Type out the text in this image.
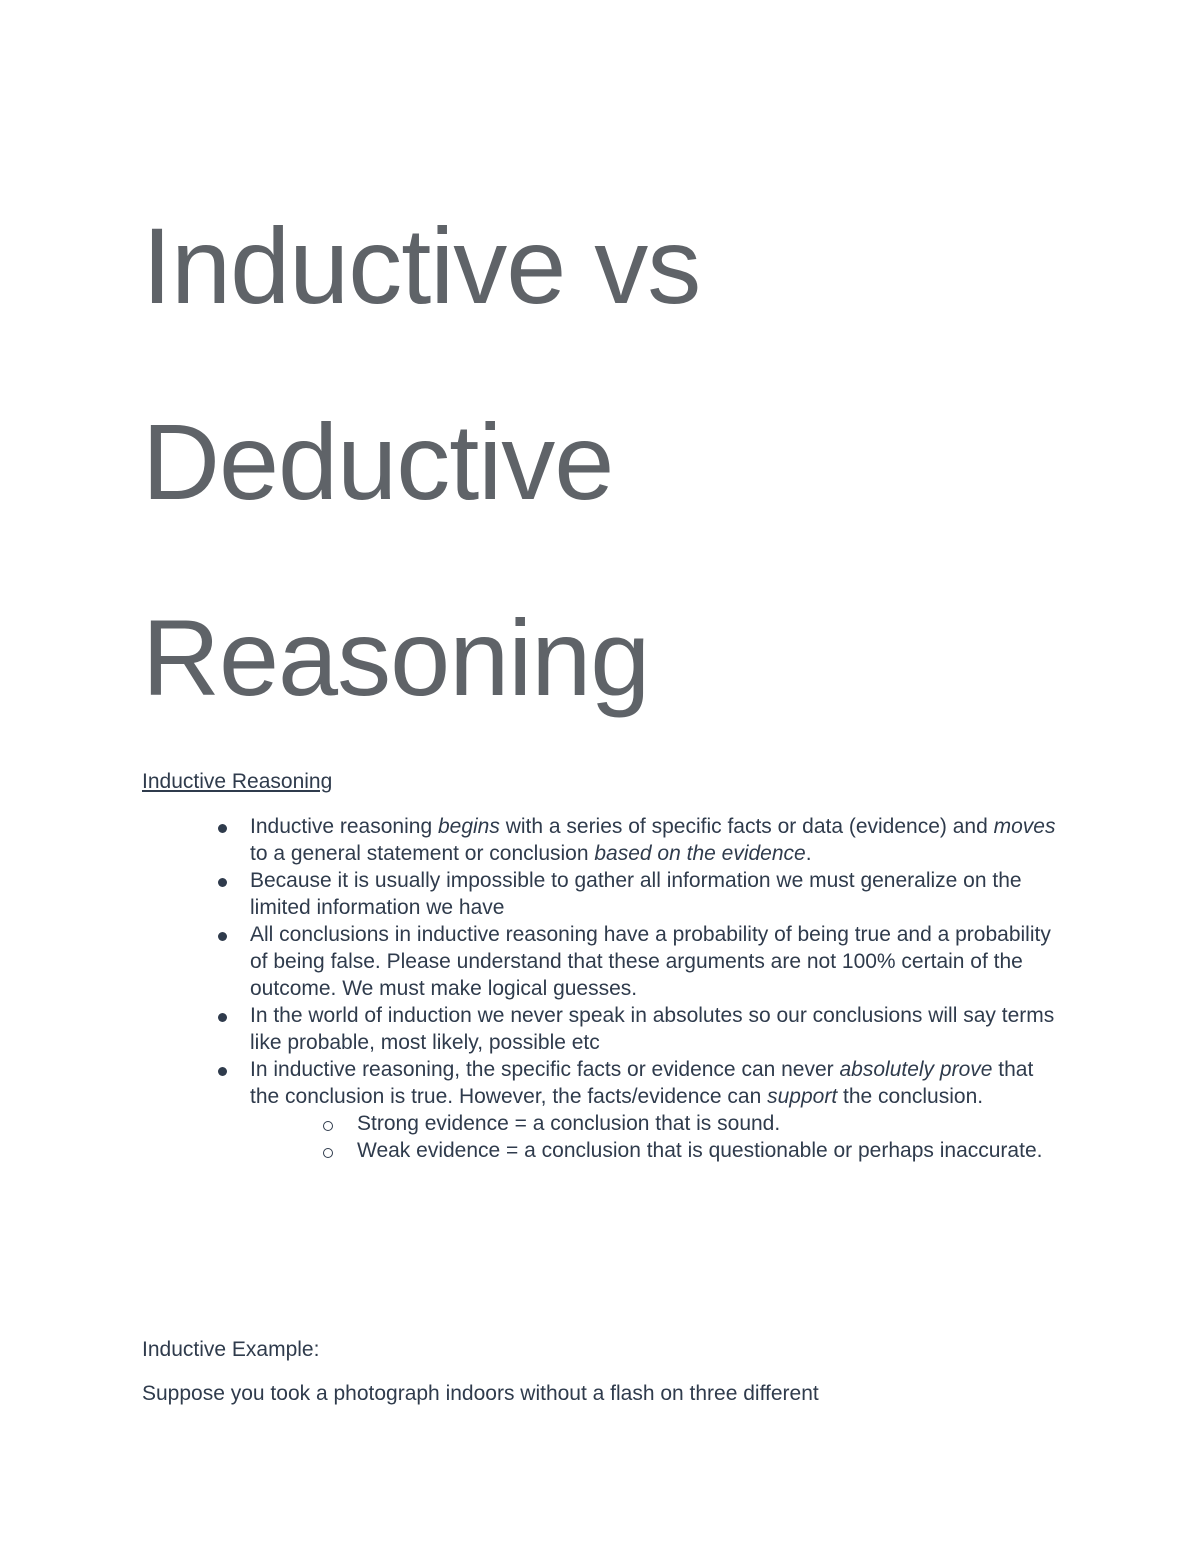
Inductive vs
Deductive
Reasoning
Inductive Reasoning
Inductive reasoning begins with a series of specific facts or data (evidence) and moves to a general statement or conclusion based on the evidence.
Because it is usually impossible to gather all information we must generalize on the limited information we have
All conclusions in inductive reasoning have a probability of being true and a probability of being false. Please understand that these arguments are not 100% certain of the outcome. We must make logical guesses.
In the world of induction we never speak in absolutes so our conclusions will say terms like probable, most likely, possible etc
In inductive reasoning, the specific facts or evidence can never absolutely prove that the conclusion is true. However, the facts/evidence can support the conclusion.
Strong evidence = a conclusion that is sound.
Weak evidence = a conclusion that is questionable or perhaps inaccurate.
Inductive Example:

Suppose you took a photograph indoors without a flash on three different
